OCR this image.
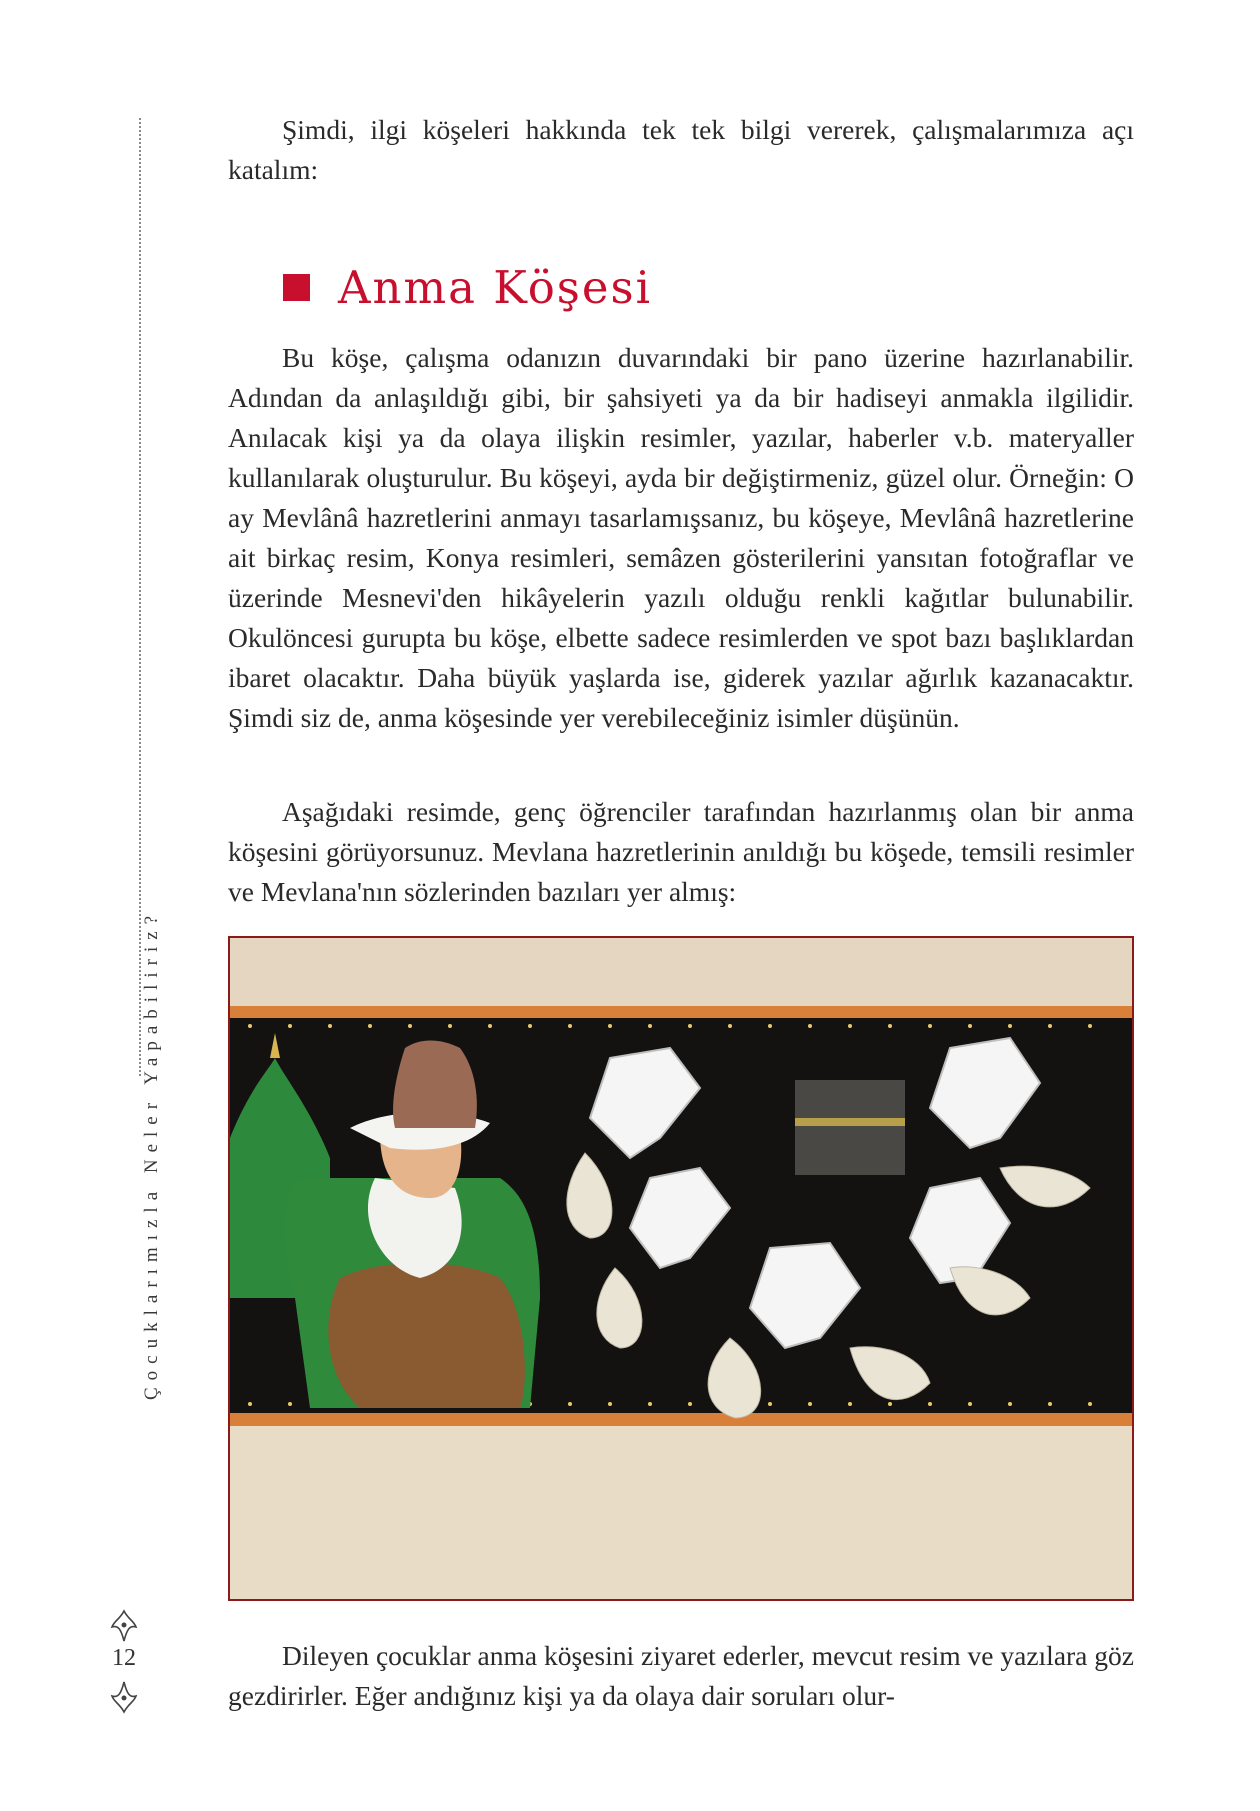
Çocuklarımızla Neler Yapabiliriz?
12

Şimdi, ilgi köşeleri hakkında tek tek bilgi vererek, çalışmalarımıza açı katalım:

Anma Köşesi

Bu köşe, çalışma odanızın duvarındaki bir pano üzerine hazırlanabilir. Adından da anlaşıldığı gibi, bir şahsiyeti ya da bir hadiseyi anmakla ilgilidir. Anılacak kişi ya da olaya ilişkin resimler, yazılar, haberler v.b. materyaller kullanılarak oluşturulur. Bu köşeyi, ayda bir değiştirmeniz, güzel olur. Örneğin: O ay Mevlânâ hazretlerini anmayı tasarlamışsanız, bu köşeye, Mevlânâ hazretlerine ait birkaç resim, Konya resimleri, semâzen gösterilerini yansıtan fotoğraflar ve üzerinde Mesnevi'den hikâyelerin yazılı olduğu renkli kağıtlar bulunabilir. Okulöncesi gurupta bu köşe, elbette sadece resimlerden ve spot bazı başlıklardan ibaret olacaktır. Daha büyük yaşlarda ise, giderek yazılar ağırlık kazanacaktır. Şimdi siz de, anma köşesinde yer verebileceğiniz isimler düşünün.

Aşağıdaki resimde, genç öğrenciler tarafından hazırlanmış olan bir anma köşesini görüyorsunuz. Mevlana hazretlerinin anıldığı bu köşede, temsili resimler ve Mevlana'nın sözlerinden bazıları yer almış:

Dileyen çocuklar anma köşesini ziyaret ederler, mevcut resim ve yazılara göz gezdirirler. Eğer andığınız kişi ya da olaya dair soruları olur-
